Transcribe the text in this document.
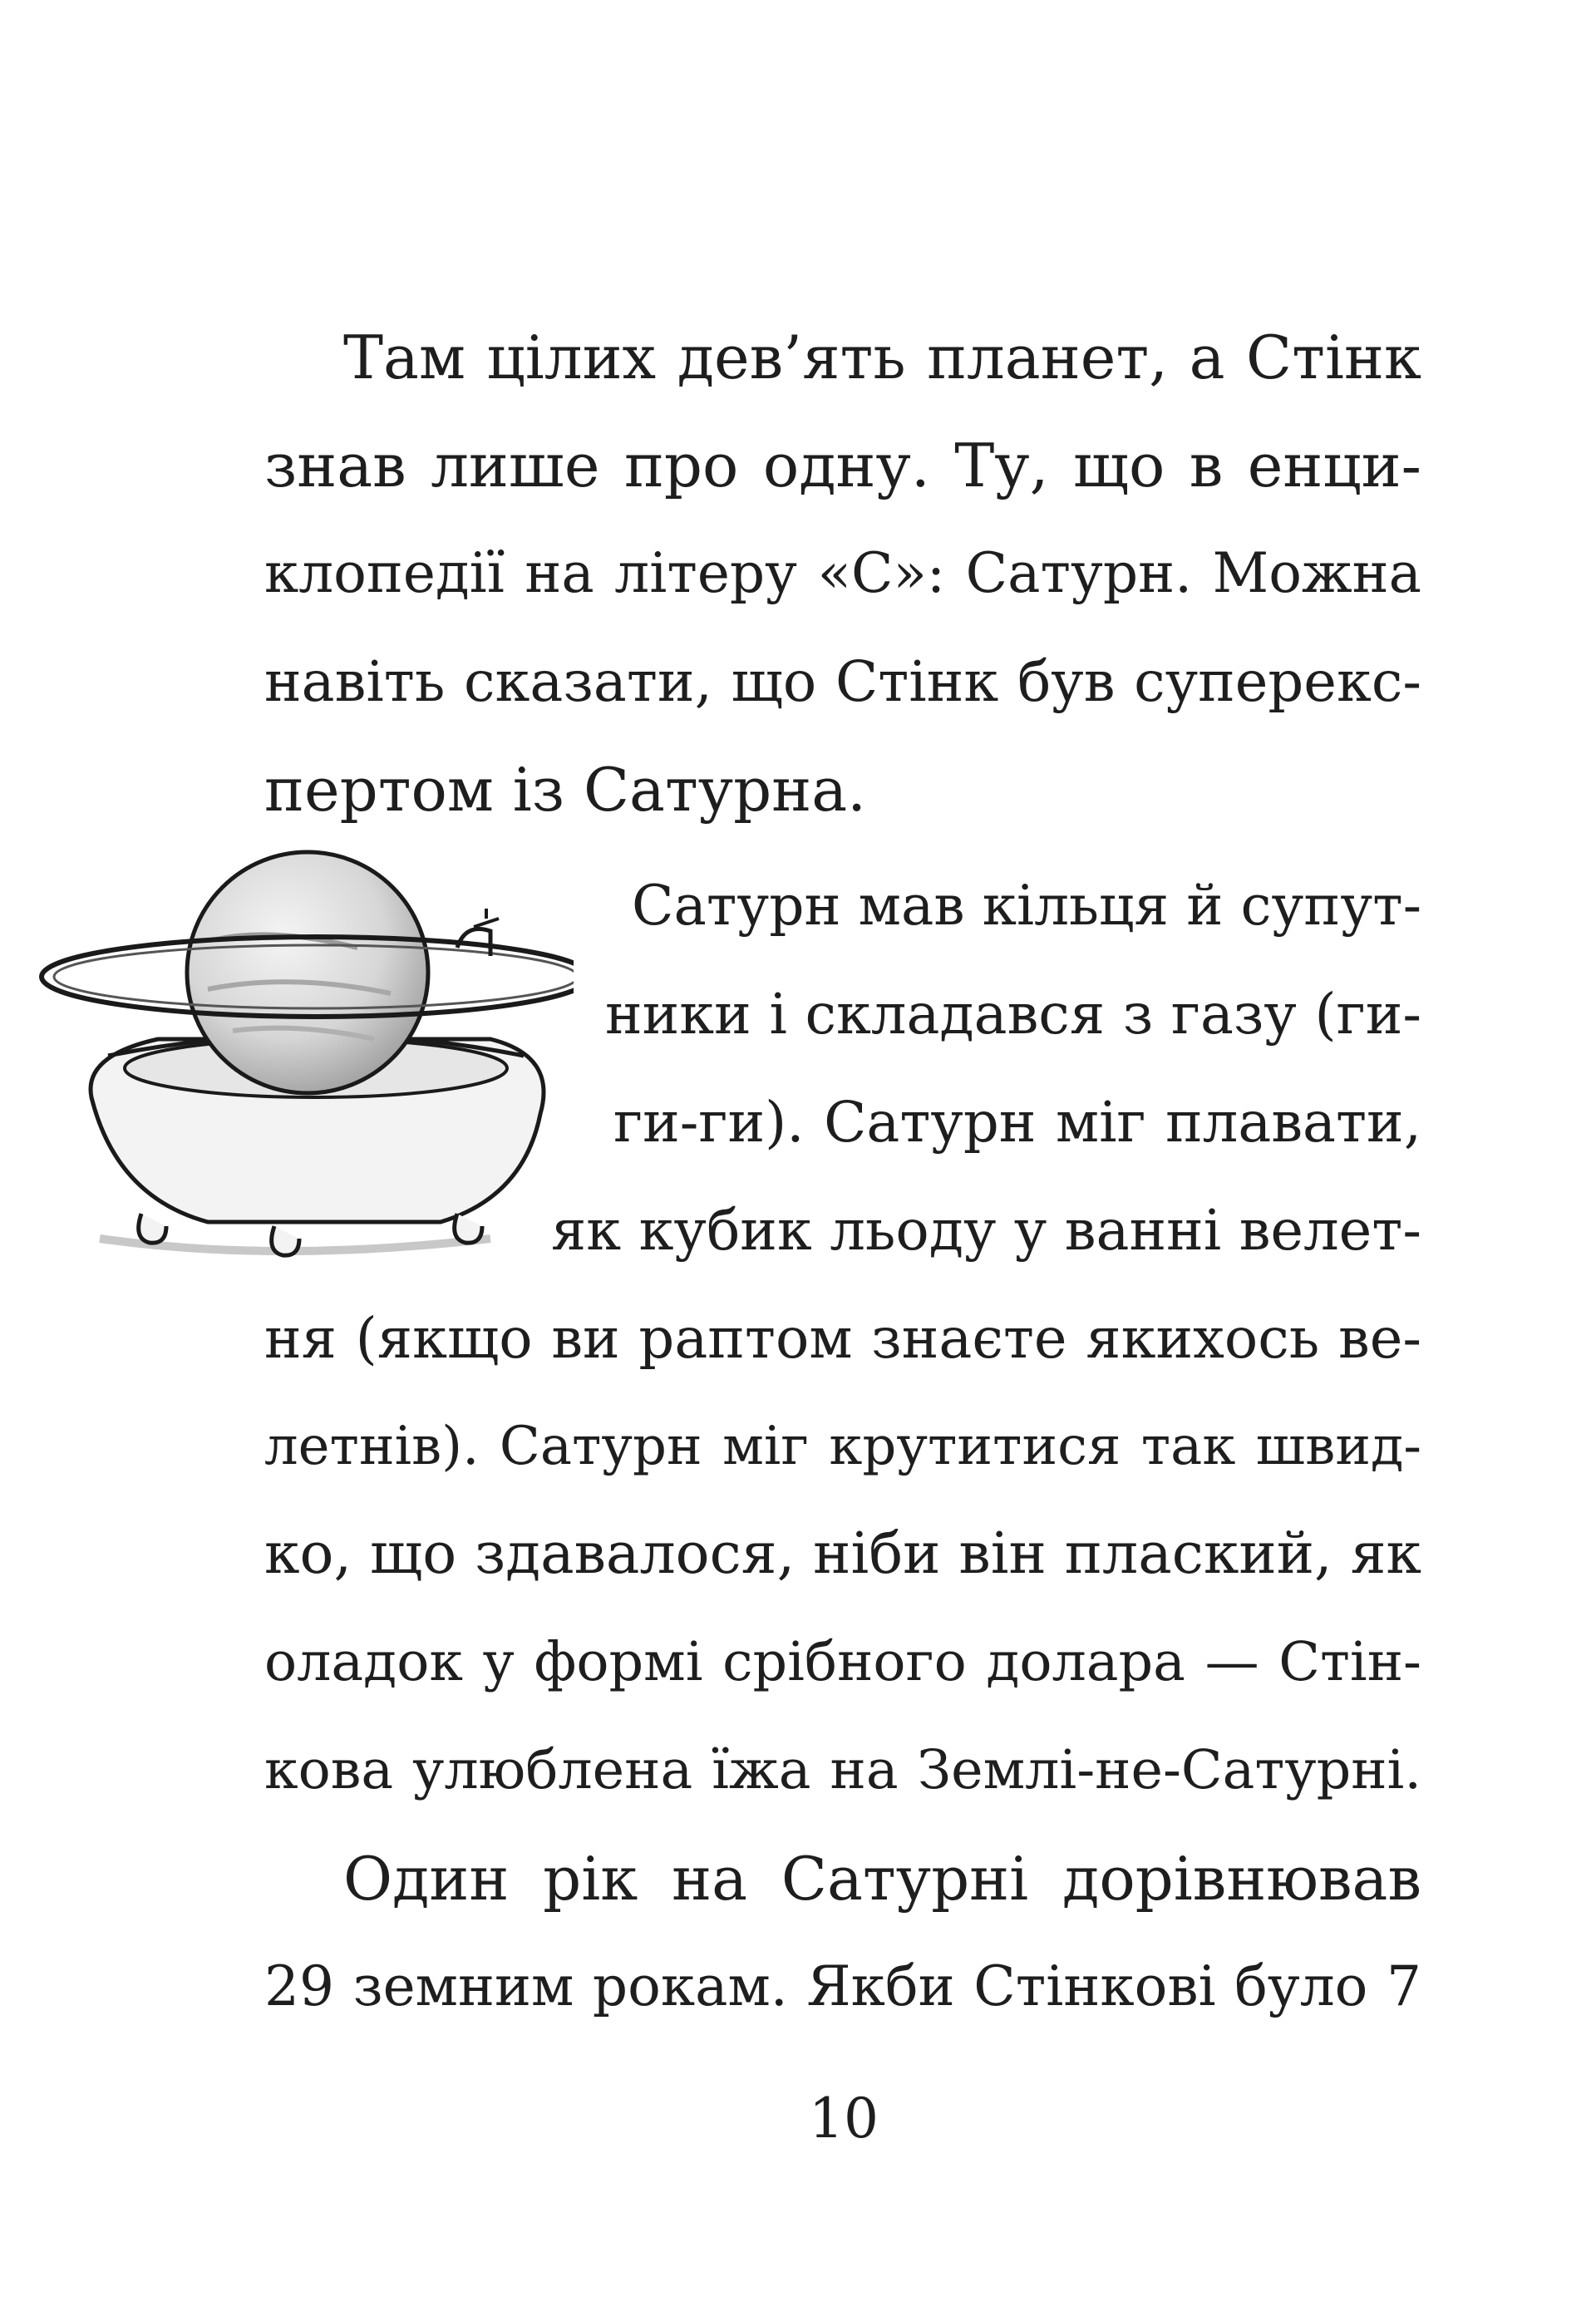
Там цілих дев’ять планет, а Стінк
знав лише про одну. Ту, що в енци-
клопедії на літеру «С»: Сатурн. Можна
навіть сказати, що Стінк був суперекс-
пертом із Сатурна.
Сатурн мав кільця й супут-
ники і складався з газу (ги-
ги-ги). Сатурн міг плавати,
як кубик льоду у ванні велет-
ня (якщо ви раптом знаєте якихось ве-
летнів). Сатурн міг крутитися так швид-
ко, що здавалося, ніби він плаский, як
оладок у формі срібного долара — Стін-
кова улюблена їжа на Землі-не-Сатурні.
Один рік на Сатурні дорівнював
29 земним рокам. Якби Стінкові було 7
10
